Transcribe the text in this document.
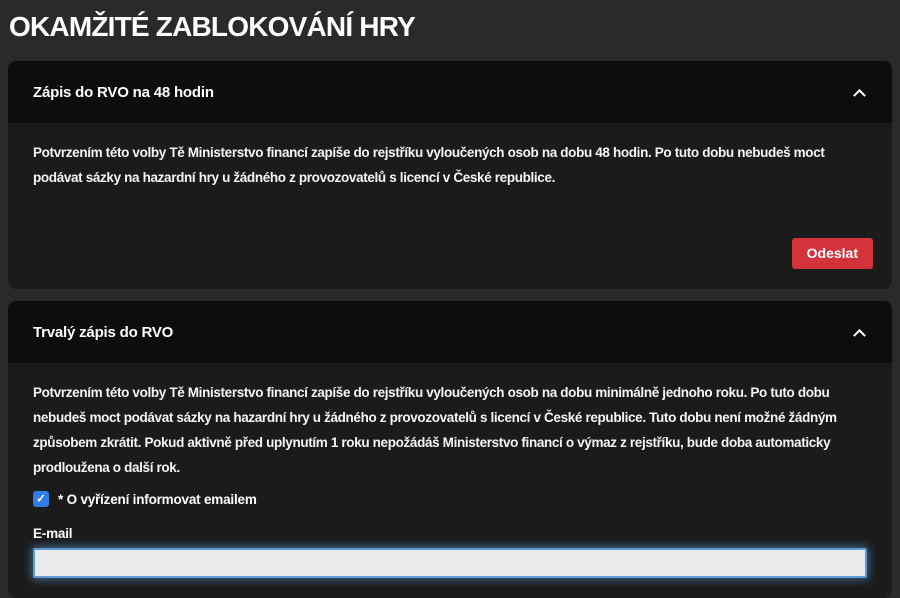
OKAMŽITÉ ZABLOKOVÁNÍ HRY
Zápis do RVO na 48 hodin

Potvrzením této volby Tě Ministerstvo financí zapíše do rejstříku vyloučených osob na dobu 48 hodin. Po tuto dobu nebudeš moct podávat sázky na hazardní hry u žádného z provozovatelů s licencí v České republice.

Odeslat
Trvalý zápis do RVO

Potvrzením této volby Tě Ministerstvo financí zapíše do rejstříku vyloučených osob na dobu minimálně jednoho roku. Po tuto dobu nebudeš moct podávat sázky na hazardní hry u žádného z provozovatelů s licencí v České republice. Tuto dobu není možné žádným způsobem zkrátit. Pokud aktivně před uplynutím 1 roku nepožádáš Ministerstvo financí o výmaz z rejstříku, bude doba automaticky prodloužena o další rok.

✓ * O vyřízení informovat emailem
E-mail
